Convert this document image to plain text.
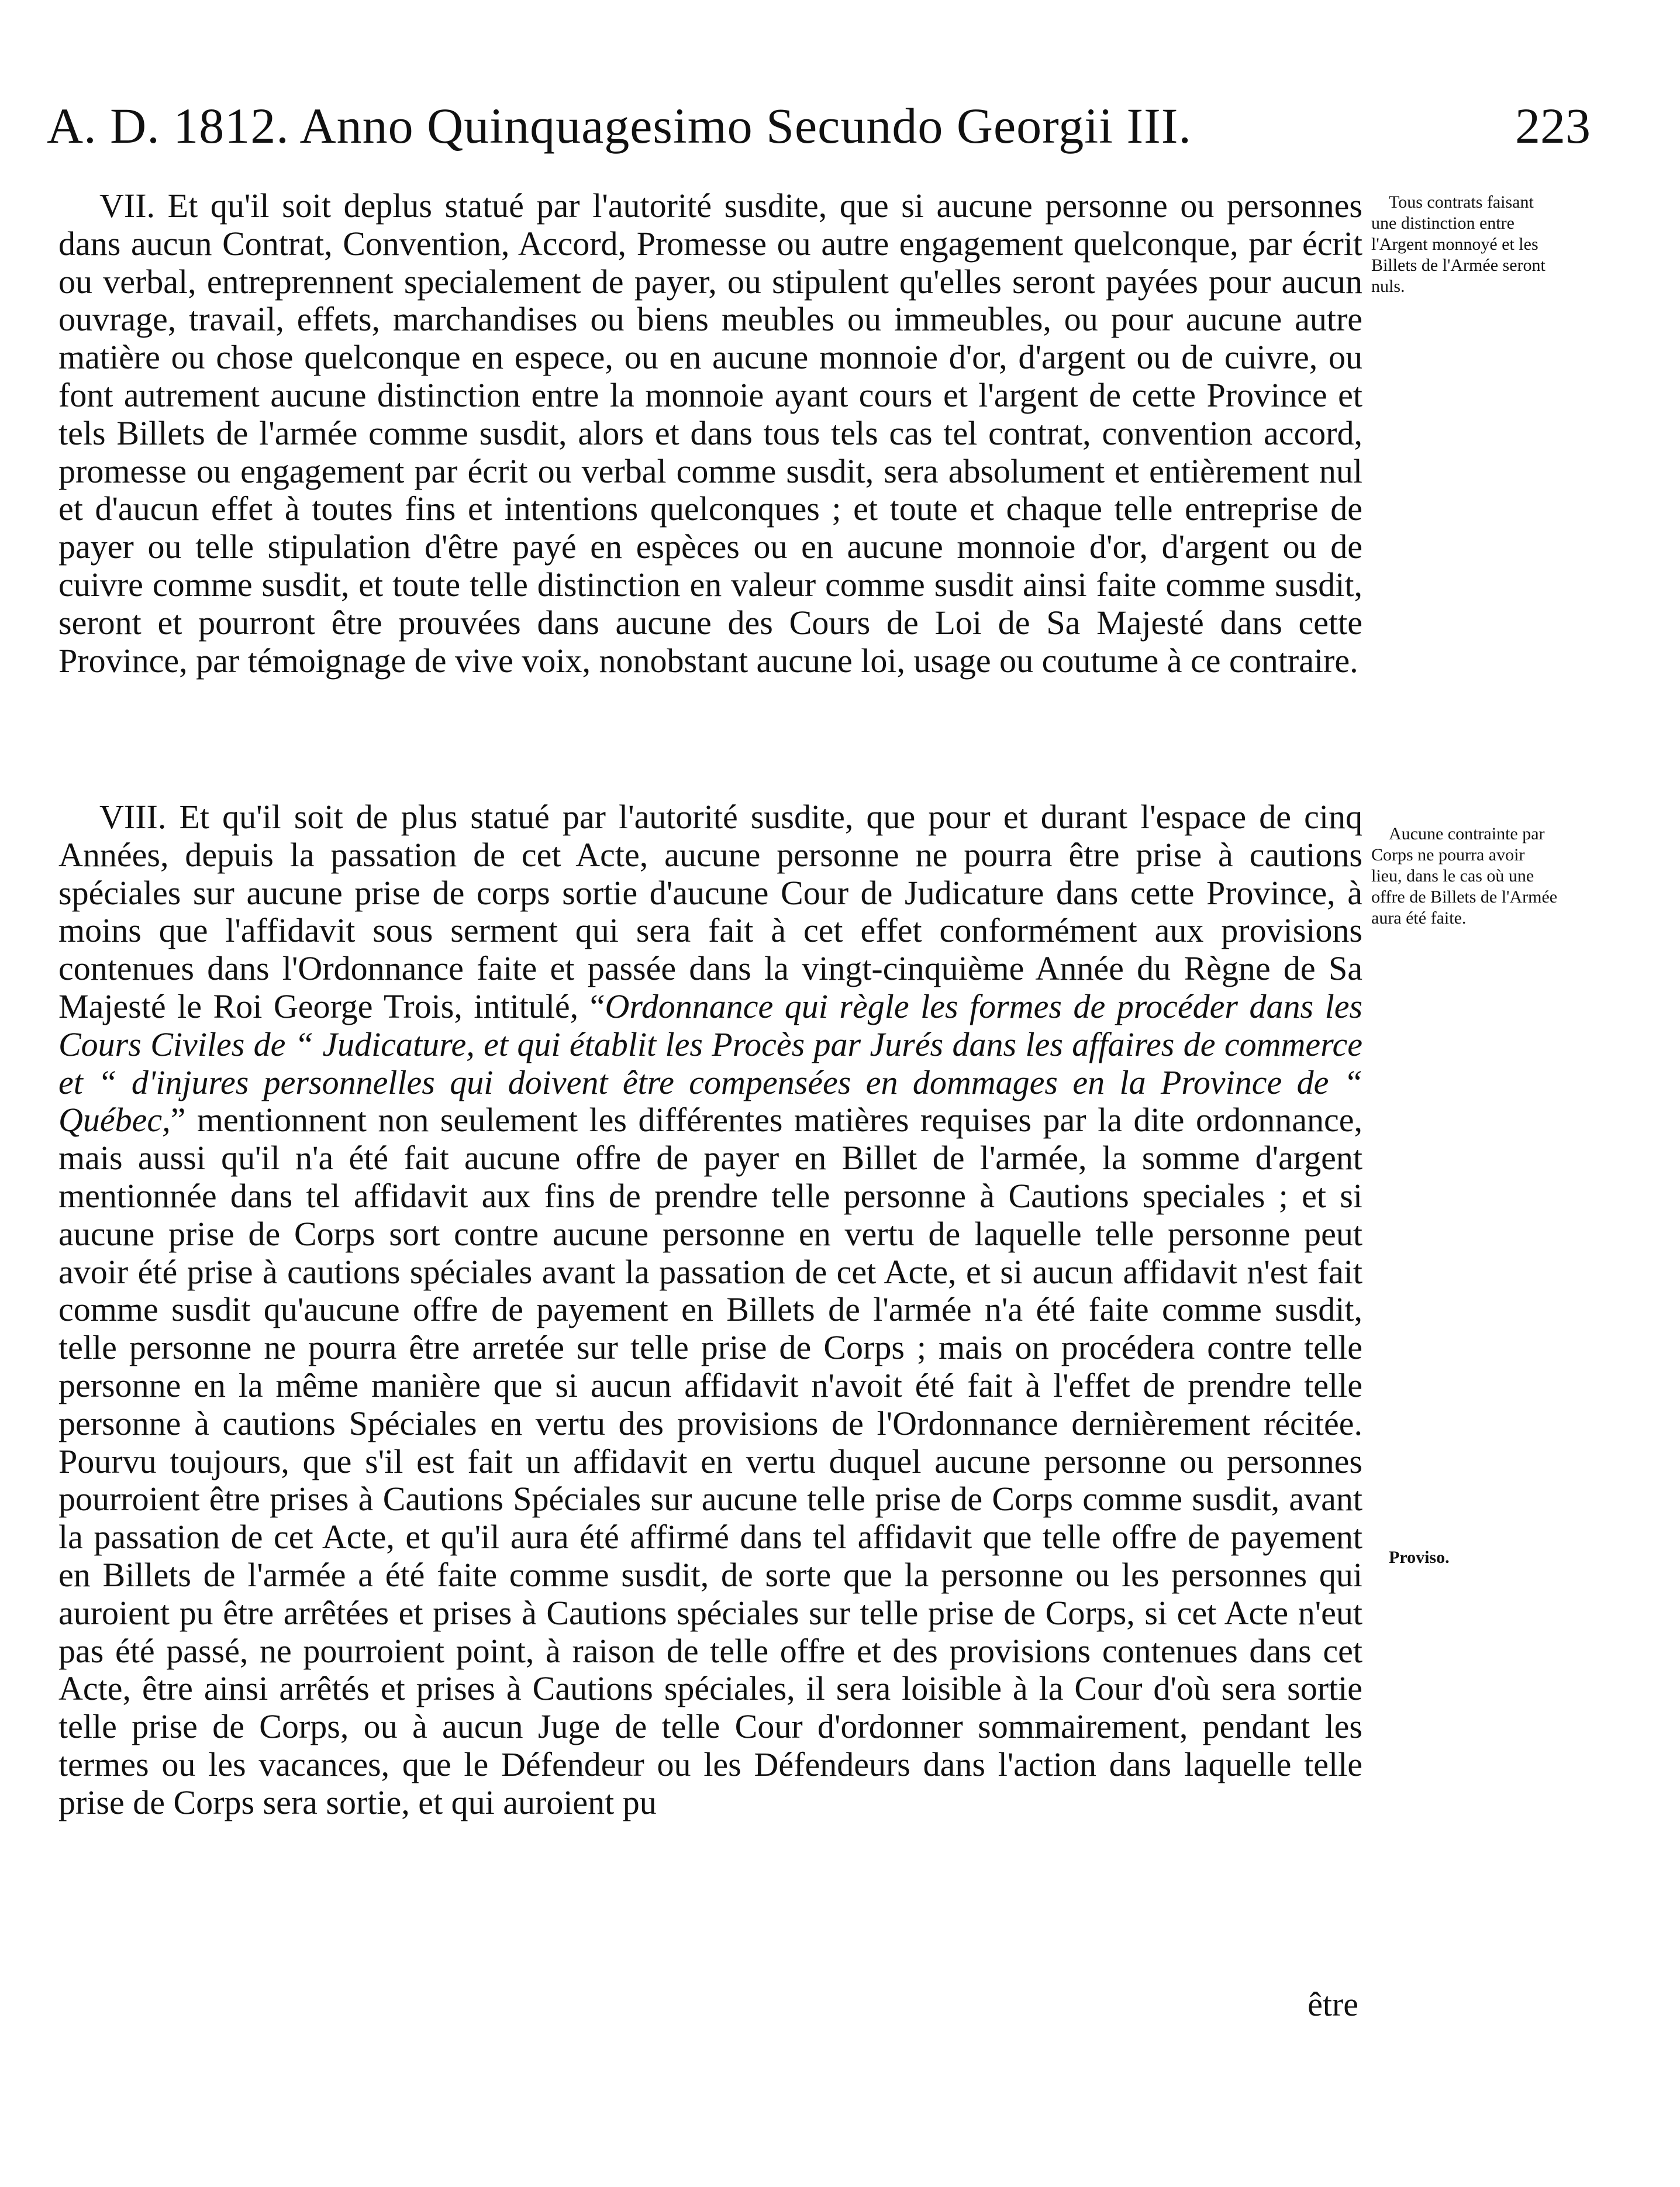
A. D. 1812. Anno Quinquagesimo Secundo Georgii III.	223

VII. Et qu'il soit deplus statué par l'autorité susdite, que si aucune personne ou personnes dans aucun Contrat, Convention, Accord, Promesse ou autre engagement quelconque, par écrit ou verbal, entreprennent specialement de payer, ou stipulent qu'elles seront payées pour aucun ouvrage, travail, effets, marchandises ou biens meubles ou immeubles, ou pour aucune autre matière ou chose quelconque en espece, ou en aucune monnoie d'or, d'argent ou de cuivre, ou font autrement aucune distinction entre la monnoie ayant cours et l'argent de cette Province et tels Billets de l'armée comme susdit, alors et dans tous tels cas tel contrat, convention accord, promesse ou engagement par écrit ou verbal comme susdit, sera absolument et entièrement nul et d'aucun effet à toutes fins et intentions quelconques ; et toute et chaque telle entreprise de payer ou telle stipulation d'être payé en espèces ou en aucune monnoie d'or, d'argent ou de cuivre comme susdit, et toute telle distinction en valeur comme susdit ainsi faite comme susdit, seront et pourront être prouvées dans aucune des Cours de Loi de Sa Majesté dans cette Province, par témoignage de vive voix, nonobstant aucune loi, usage ou coutume à ce contraire.

VIII. Et qu'il soit de plus statué par l'autorité susdite, que pour et durant l'espace de cinq Années, depuis la passation de cet Acte, aucune personne ne pourra être prise à cautions spéciales sur aucune prise de corps sortie d'aucune Cour de Judicature dans cette Province, à moins que l'affidavit sous serment qui sera fait à cet effet conformément aux provisions contenues dans l'Ordonnance faite et passée dans la vingt-cinquième Année du Règne de Sa Majesté le Roi George Trois, intitulé, “Ordonnance qui règle les formes de procéder dans les Cours Civiles de “ Judicature, et qui établit les Procès par Jurés dans les affaires de commerce et “ d'injures personnelles qui doivent être compensées en dommages en la Province de “ Québec,” mentionnent non seulement les différentes matières requises par la dite ordonnance, mais aussi qu'il n'a été fait aucune offre de payer en Billet de l'armée, la somme d'argent mentionnée dans tel affidavit aux fins de prendre telle personne à Cautions speciales ; et si aucune prise de Corps sort contre aucune personne en vertu de laquelle telle personne peut avoir été prise à cautions spéciales avant la passation de cet Acte, et si aucun affidavit n'est fait comme susdit qu'aucune offre de payement en Billets de l'armée n'a été faite comme susdit, telle personne ne pourra être arretée sur telle prise de Corps ; mais on procédera contre telle personne en la même manière que si aucun affidavit n'avoit été fait à l'effet de prendre telle personne à cautions Spéciales en vertu des provisions de l'Ordonnance dernièrement récitée. Pourvu toujours, que s'il est fait un affidavit en vertu duquel aucune personne ou personnes pourroient être prises à Cautions Spéciales sur aucune telle prise de Corps comme susdit, avant la passation de cet Acte, et qu'il aura été affirmé dans tel affidavit que telle offre de payement en Billets de l'armée a été faite comme susdit, de sorte que la personne ou les personnes qui auroient pu être arrêtées et prises à Cautions spéciales sur telle prise de Corps, si cet Acte n'eut pas été passé, ne pourroient point, à raison de telle offre et des provisions contenues dans cet Acte, être ainsi arrêtés et prises à Cautions spéciales, il sera loisible à la Cour d'où sera sortie telle prise de Corps, ou à aucun Juge de telle Cour d'ordonner sommairement, pendant les termes ou les vacances, que le Défendeur ou les Défendeurs dans l'action dans laquelle telle prise de Corps sera sortie, et qui auroient pu

Tous contrats faisant une distinction entre l'Argent monnoyé et les Billets de l'Armée seront nuls.

Aucune contrainte par Corps ne pourra avoir lieu, dans le cas où une offre de Billets de l'Armée aura été faite.

Proviso.

être
